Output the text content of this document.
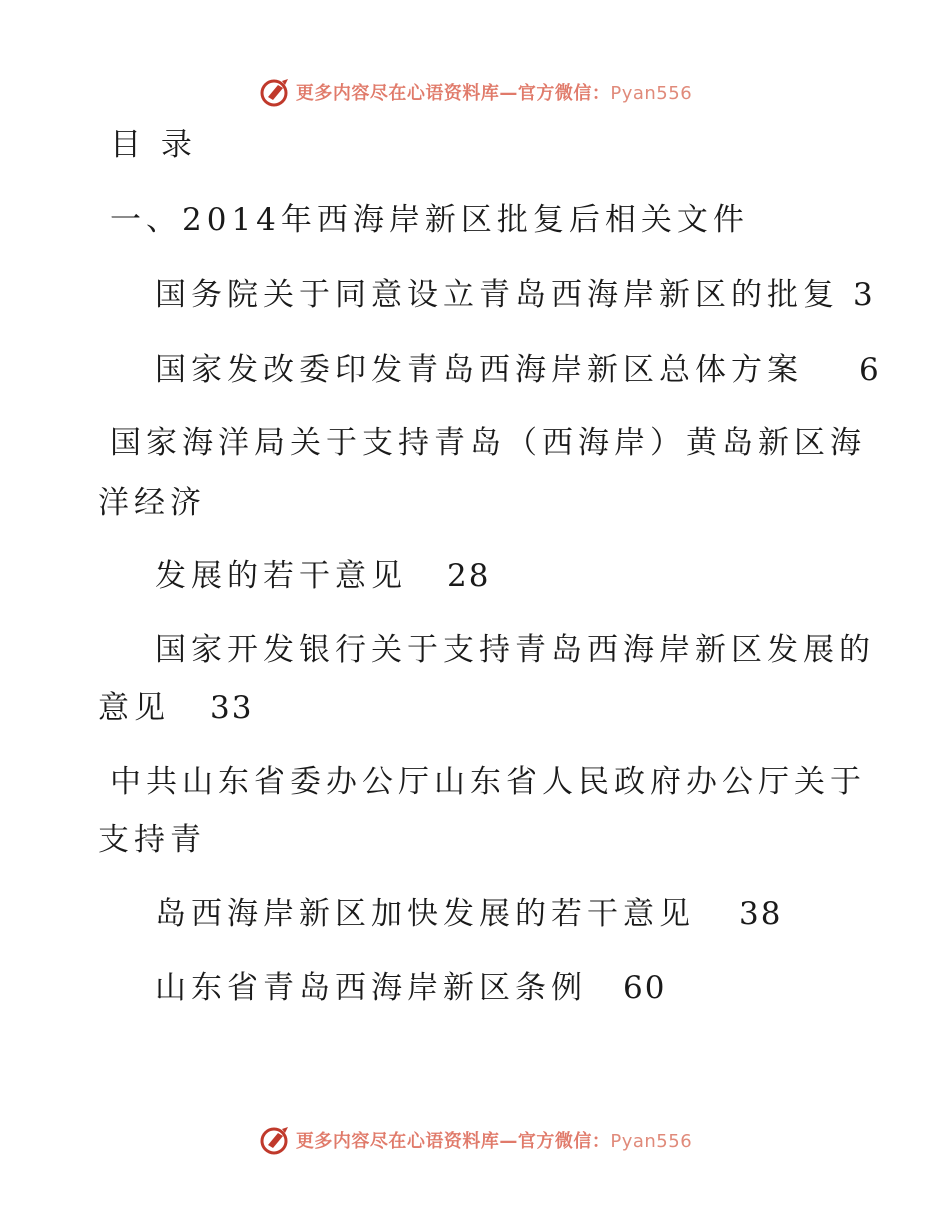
更多内容尽在心语资料库—官方微信：Pyan556
目 录
一、2014年西海岸新区批复后相关文件
国务院关于同意设立青岛西海岸新区的批复 3
国家发改委印发青岛西海岸新区总体方案 6
国家海洋局关于支持青岛（西海岸）黄岛新区海
洋经济
发展的若干意见 28
国家开发银行关于支持青岛西海岸新区发展的
意见 33
中共山东省委办公厅山东省人民政府办公厅关于
支持青
岛西海岸新区加快发展的若干意见 38
山东省青岛西海岸新区条例 60
更多内容尽在心语资料库—官方微信：Pyan556
